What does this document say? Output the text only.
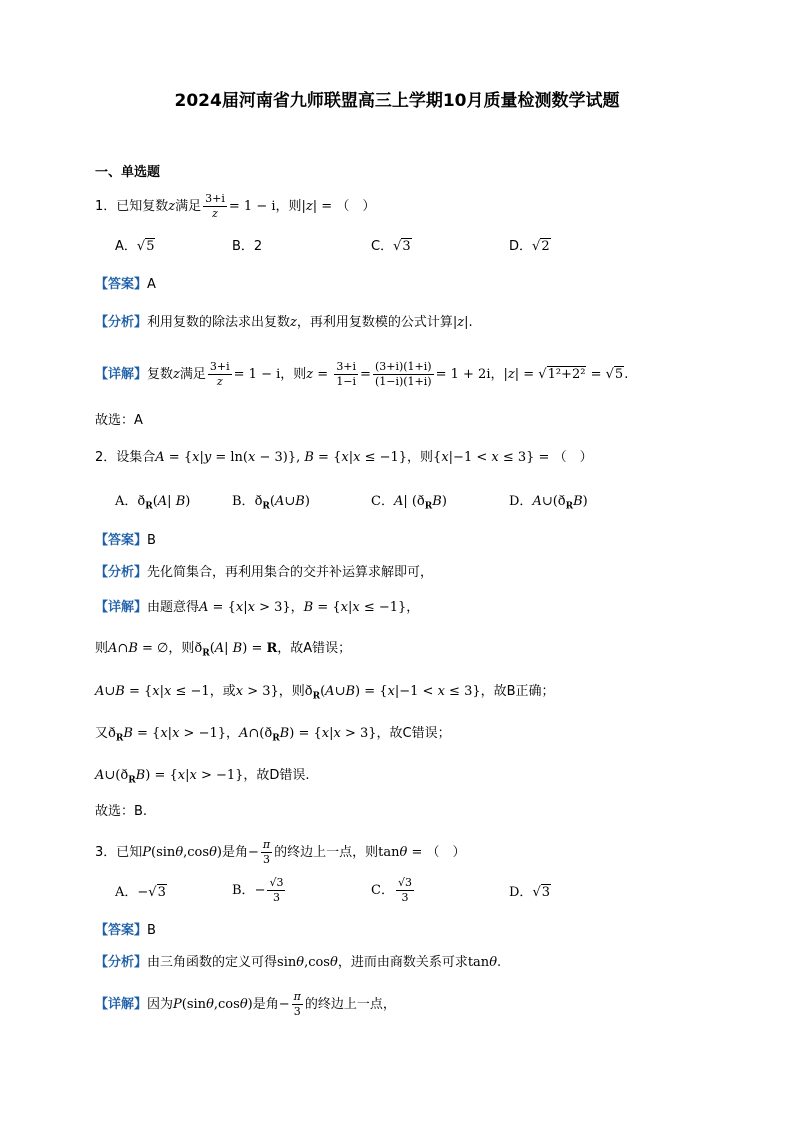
2024届河南省九师联盟高三上学期10月质量检测数学试题
一、单选题
1．已知复数z满足 $\frac{3+i}{z} = 1 - i$，则|z| = （　）
A．√5	B．2	C．√3	D．√2
【答案】A
【分析】利用复数的除法求出复数z，再利用复数模的公式计算|z|.
【详解】复数z满足 $\frac{3+i}{z} = 1 - i$，则$z = \frac{3+i}{1-i} = \frac{(3+i)(1+i)}{(1-i)(1+i)} = 1 + 2i$，|z| = √1²+2² = √5.
故选：A
2．设集合A = {x|y = ln(x − 3)}, B = {x|x ≤ −1}，则{x|−1 < x ≤ 3} = （　）
A．$ð_R(A|$ B)	B．$ð_R(A\cup B)$	C．A| $(ð_RB)$	D．$A\cup(ð_RB)$
【答案】B
【分析】先化简集合，再利用集合的交并补运算求解即可，
【详解】由题意得A = {x|x > 3}，B = {x|x ≤ −1}，
则A∩B = ∅，则$ð_R(A|$ B) = R，故A错误；
A∪B = {x|x ≤ −1，或x > 3}，则$ð_R(A\cup B) = \{x|-1 < x \le 3\}$，故B正确；
又$ð_RB = \{x|x > -1\}$，$A\cap(ð_RB) = \{x|x > 3\}$，故C错误；
$A\cup(ð_RB) = \{x|x > -1\}$，故D错误.
故选：B.
3．已知P(sinθ,cosθ)是角− $\frac{\pi}{3}$ 的终边上一点，则tanθ = （　）
A．−√3	B．− $\frac{√3}{3}$	C． $\frac{√3}{3}$	D．√3
【答案】B
【分析】由三角函数的定义可得sinθ,cosθ，进而由商数关系可求tanθ.
【详解】因为P(sinθ,cosθ)是角− $\frac{\pi}{3}$ 的终边上一点，
